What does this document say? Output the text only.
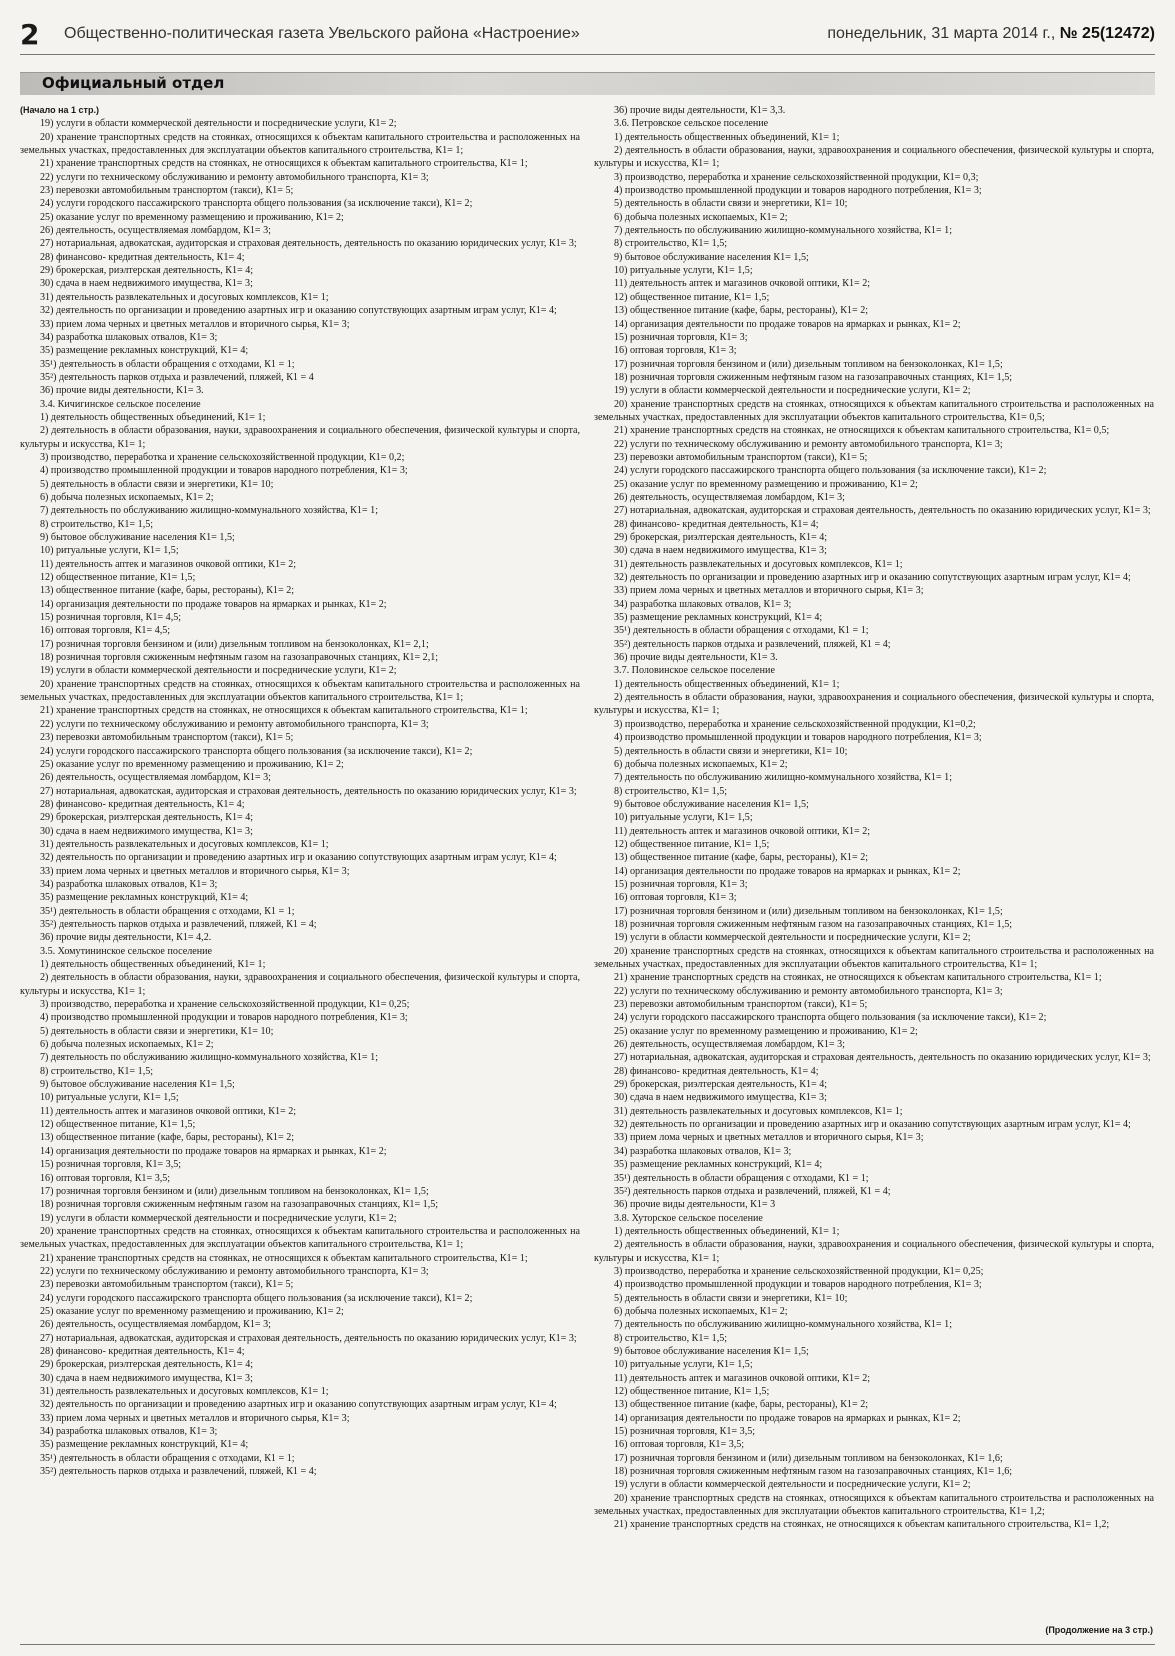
2	Общественно-политическая газета Увельского района «Настроение»	понедельник, 31 марта 2014 г., № 25(12472)
Официальный отдел

(Начало на 1 стр.)

19) услуги в области коммерческой деятельности и посреднические услуги, К1= 2;

20) хранение транспортных средств на стоянках, относящихся к объектам капитального строительства и расположенных на земельных участках, предоставленных для эксплуатации объектов капитального строительства, К1= 1;

21) хранение транспортных средств на стоянках, не относящихся к объектам капитального строительства, К1= 1;

22) услуги по техническому обслуживанию и ремонту автомобильного транспорта, К1= 3;

23) перевозки автомобильным транспортом (такси), К1= 5;

24) услуги городского пассажирского транспорта общего пользования (за исключение такси), К1= 2;

25) оказание услуг по временному размещению и проживанию, К1= 2;

26) деятельность, осуществляемая ломбардом, К1= 3;

27) нотариальная, адвокатская, аудиторская и страховая деятельность, деятельность по оказанию юридических услуг, К1= 3;

28) финансово- кредитная деятельность, К1= 4;

29) брокерская, риэлтерская деятельность, К1= 4;

30) сдача в наем недвижимого имущества, К1= 3;

31) деятельность развлекательных и досуговых комплексов, К1= 1;

32) деятельность по организации и проведению азартных игр и оказанию сопутствующих азартным играм услуг, К1= 4;

33) прием лома черных и цветных металлов и вторичного сырья, К1= 3;

34) разработка шлаковых отвалов, К1= 3;

35) размещение рекламных конструкций, К1= 4;

35¹) деятельность в области обращения с отходами, К1 = 1;

35²) деятельность парков отдыха и развлечений, пляжей, К1 = 4

36) прочие виды деятельности, К1= 3.

3.4. Кичигинское сельское поселение

1) деятельность общественных объединений, К1= 1;

2) деятельность в области образования, науки, здравоохранения и социального обеспечения, физической культуры и спорта, культуры и искусства, К1= 1;

3) производство, переработка и хранение сельскохозяйственной продукции, К1= 0,2;

4) производство промышленной продукции и товаров народного потребления, К1= 3;

5) деятельность в области связи и энергетики, К1= 10;

6) добыча полезных ископаемых, К1= 2;

7) деятельность по обслуживанию жилищно-коммунального хозяйства, К1= 1;

8) строительство, К1= 1,5;

9) бытовое обслуживание населения К1= 1,5;

10) ритуальные услуги, К1= 1,5;

11) деятельность аптек и магазинов очковой оптики, К1= 2;

12) общественное питание, К1= 1,5;

13) общественное питание (кафе, бары, рестораны), К1= 2;

14) организация деятельности по продаже товаров на ярмарках и рынках, К1= 2;

15) розничная торговля, К1= 4,5;

16) оптовая торговля, К1= 4,5;

17) розничная торговля бензином и (или) дизельным топливом на бензоколонках, К1= 2,1;

18) розничная торговля сжиженным нефтяным газом на газозаправочных станциях, К1= 2,1;

19) услуги в области коммерческой деятельности и посреднические услуги, К1= 2;

20) хранение транспортных средств на стоянках, относящихся к объектам капитального строительства и расположенных на земельных участках, предоставленных для эксплуатации объектов капитального строительства, К1= 1;

21) хранение транспортных средств на стоянках, не относящихся к объектам капитального строительства, К1= 1;

22) услуги по техническому обслуживанию и ремонту автомобильного транспорта, К1= 3;

23) перевозки автомобильным транспортом (такси), К1= 5;

24) услуги городского пассажирского транспорта общего пользования (за исключение такси), К1= 2;

25) оказание услуг по временному размещению и проживанию, К1= 2;

26) деятельность, осуществляемая ломбардом, К1= 3;

27) нотариальная, адвокатская, аудиторская и страховая деятельность, деятельность по оказанию юридических услуг, К1= 3;

28) финансово- кредитная деятельность, К1= 4;

29) брокерская, риэлтерская деятельность, К1= 4;

30) сдача в наем недвижимого имущества, К1= 3;

31) деятельность развлекательных и досуговых комплексов, К1= 1;

32) деятельность по организации и проведению азартных игр и оказанию сопутствующих азартным играм услуг, К1= 4;

33) прием лома черных и цветных металлов и вторичного сырья, К1= 3;

34) разработка шлаковых отвалов, К1= 3;

35) размещение рекламных конструкций, К1= 4;

35¹) деятельность в области обращения с отходами, К1 = 1;

35²) деятельность парков отдыха и развлечений, пляжей, К1 = 4;

36) прочие виды деятельности, К1= 4,2.

3.5. Хомутининское сельское поселение

1) деятельность общественных объединений, К1= 1;

2) деятельность в области образования, науки, здравоохранения и социального обеспечения, физической культуры и спорта, культуры и искусства, К1= 1;

3) производство, переработка и хранение сельскохозяйственной продукции, К1= 0,25;

4) производство промышленной продукции и товаров народного потребления, К1= 3;

5) деятельность в области связи и энергетики, К1= 10;

6) добыча полезных ископаемых, К1= 2;

7) деятельность по обслуживанию жилищно-коммунального хозяйства, К1= 1;

8) строительство, К1= 1,5;

9) бытовое обслуживание населения К1= 1,5;

10) ритуальные услуги, К1= 1,5;

11) деятельность аптек и магазинов очковой оптики, К1= 2;

12) общественное питание, К1= 1,5;

13) общественное питание (кафе, бары, рестораны), К1= 2;

14) организация деятельности по продаже товаров на ярмарках и рынках, К1= 2;

15) розничная торговля, К1= 3,5;

16) оптовая торговля, К1= 3,5;

17) розничная торговля бензином и (или) дизельным топливом на бензоколонках, К1= 1,5;

18) розничная торговля сжиженным нефтяным газом на газозаправочных станциях, К1= 1,5;

19) услуги в области коммерческой деятельности и посреднические услуги, К1= 2;

20) хранение транспортных средств на стоянках, относящихся к объектам капитального строительства и расположенных на земельных участках, предоставленных для эксплуатации объектов капитального строительства, К1= 1;

21) хранение транспортных средств на стоянках, не относящихся к объектам капитального строительства, К1= 1;

22) услуги по техническому обслуживанию и ремонту автомобильного транспорта, К1= 3;

23) перевозки автомобильным транспортом (такси), К1= 5;

24) услуги городского пассажирского транспорта общего пользования (за исключение такси), К1= 2;

25) оказание услуг по временному размещению и проживанию, К1= 2;

26) деятельность, осуществляемая ломбардом, К1= 3;

27) нотариальная, адвокатская, аудиторская и страховая деятельность, деятельность по оказанию юридических услуг, К1= 3;

28) финансово- кредитная деятельность, К1= 4;

29) брокерская, риэлтерская деятельность, К1= 4;

30) сдача в наем недвижимого имущества, К1= 3;

31) деятельность развлекательных и досуговых комплексов, К1= 1;

32) деятельность по организации и проведению азартных игр и оказанию сопутствующих азартным играм услуг, К1= 4;

33) прием лома черных и цветных металлов и вторичного сырья, К1= 3;

34) разработка шлаковых отвалов, К1= 3;

35) размещение рекламных конструкций, К1= 4;

35¹) деятельность в области обращения с отходами, К1 = 1;

35²) деятельность парков отдыха и развлечений, пляжей, К1 = 4;

36) прочие виды деятельности, К1= 3,3.

3.6. Петровское сельское поселение

1) деятельность общественных объединений, К1= 1;

2) деятельность в области образования, науки, здравоохранения и социального обеспечения, физической культуры и спорта, культуры и искусства, К1= 1;

3) производство, переработка и хранение сельскохозяйственной продукции, К1= 0,3;

4) производство промышленной продукции и товаров народного потребления, К1= 3;

5) деятельность в области связи и энергетики, К1= 10;

6) добыча полезных ископаемых, К1= 2;

7) деятельность по обслуживанию жилищно-коммунального хозяйства, К1= 1;

8) строительство, К1= 1,5;

9) бытовое обслуживание населения К1= 1,5;

10) ритуальные услуги, К1= 1,5;

11) деятельность аптек и магазинов очковой оптики, К1= 2;

12) общественное питание, К1= 1,5;

13) общественное питание (кафе, бары, рестораны), К1= 2;

14) организация деятельности по продаже товаров на ярмарках и рынках, К1= 2;

15) розничная торговля, К1= 3;

16) оптовая торговля, К1= 3;

17) розничная торговля бензином и (или) дизельным топливом на бензоколонках, К1= 1,5;

18) розничная торговля сжиженным нефтяным газом на газозаправочных станциях, К1= 1,5;

19) услуги в области коммерческой деятельности и посреднические услуги, К1= 2;

20) хранение транспортных средств на стоянках, относящихся к объектам капитального строительства и расположенных на земельных участках, предоставленных для эксплуатации объектов капитального строительства, К1= 0,5;

21) хранение транспортных средств на стоянках, не относящихся к объектам капитального строительства, К1= 0,5;

22) услуги по техническому обслуживанию и ремонту автомобильного транспорта, К1= 3;

23) перевозки автомобильным транспортом (такси), К1= 5;

24) услуги городского пассажирского транспорта общего пользования (за исключение такси), К1= 2;

25) оказание услуг по временному размещению и проживанию, К1= 2;

26) деятельность, осуществляемая ломбардом, К1= 3;

27) нотариальная, адвокатская, аудиторская и страховая деятельность, деятельность по оказанию юридических услуг, К1= 3;

28) финансово- кредитная деятельность, К1= 4;

29) брокерская, риэлтерская деятельность, К1= 4;

30) сдача в наем недвижимого имущества, К1= 3;

31) деятельность развлекательных и досуговых комплексов, К1= 1;

32) деятельность по организации и проведению азартных игр и оказанию сопутствующих азартным играм услуг, К1= 4;

33) прием лома черных и цветных металлов и вторичного сырья, К1= 3;

34) разработка шлаковых отвалов, К1= 3;

35) размещение рекламных конструкций, К1= 4;

35¹) деятельность в области обращения с отходами, К1 = 1;

35²) деятельность парков отдыха и развлечений, пляжей, К1 = 4;

36) прочие виды деятельности, К1= 3.

3.7. Половинское сельское поселение

1) деятельность общественных объединений, К1= 1;

2) деятельность в области образования, науки, здравоохранения и социального обеспечения, физической культуры и спорта, культуры и искусства, К1= 1;

3) производство, переработка и хранение сельскохозяйственной продукции, К1=0,2;

4) производство промышленной продукции и товаров народного потребления, К1= 3;

5) деятельность в области связи и энергетики, К1= 10;

6) добыча полезных ископаемых, К1= 2;

7) деятельность по обслуживанию жилищно-коммунального хозяйства, К1= 1;

8) строительство, К1= 1,5;

9) бытовое обслуживание населения К1= 1,5;

10) ритуальные услуги, К1= 1,5;

11) деятельность аптек и магазинов очковой оптики, К1= 2;

12) общественное питание, К1= 1,5;

13) общественное питание (кафе, бары, рестораны), К1= 2;

14) организация деятельности по продаже товаров на ярмарках и рынках, К1= 2;

15) розничная торговля, К1= 3;

16) оптовая торговля, К1= 3;

17) розничная торговля бензином и (или) дизельным топливом на бензоколонках, К1= 1,5;

18) розничная торговля сжиженным нефтяным газом на газозаправочных станциях, К1= 1,5;

19) услуги в области коммерческой деятельности и посреднические услуги, К1= 2;

20) хранение транспортных средств на стоянках, относящихся к объектам капитального строительства и расположенных на земельных участках, предоставленных для эксплуатации объектов капитального строительства, К1= 1;

21) хранение транспортных средств на стоянках, не относящихся к объектам капитального строительства, К1= 1;

22) услуги по техническому обслуживанию и ремонту автомобильного транспорта, К1= 3;

23) перевозки автомобильным транспортом (такси), К1= 5;

24) услуги городского пассажирского транспорта общего пользования (за исключение такси), К1= 2;

25) оказание услуг по временному размещению и проживанию, К1= 2;

26) деятельность, осуществляемая ломбардом, К1= 3;

27) нотариальная, адвокатская, аудиторская и страховая деятельность, деятельность по оказанию юридических услуг, К1= 3;

28) финансово- кредитная деятельность, К1= 4;

29) брокерская, риэлтерская деятельность, К1= 4;

30) сдача в наем недвижимого имущества, К1= 3;

31) деятельность развлекательных и досуговых комплексов, К1= 1;

32) деятельность по организации и проведению азартных игр и оказанию сопутствующих азартным играм услуг, К1= 4;

33) прием лома черных и цветных металлов и вторичного сырья, К1= 3;

34) разработка шлаковых отвалов, К1= 3;

35) размещение рекламных конструкций, К1= 4;

35¹) деятельность в области обращения с отходами, К1 = 1;

35²) деятельность парков отдыха и развлечений, пляжей, К1 = 4;

36) прочие виды деятельности, К1= 3

3.8. Хуторское сельское поселение

1) деятельность общественных объединений, К1= 1;

2) деятельность в области образования, науки, здравоохранения и социального обеспечения, физической культуры и спорта, культуры и искусства, К1= 1;

3) производство, переработка и хранение сельскохозяйственной продукции, К1= 0,25;

4) производство промышленной продукции и товаров народного потребления, К1= 3;

5) деятельность в области связи и энергетики, К1= 10;

6) добыча полезных ископаемых, К1= 2;

7) деятельность по обслуживанию жилищно-коммунального хозяйства, К1= 1;

8) строительство, К1= 1,5;

9) бытовое обслуживание населения К1= 1,5;

10) ритуальные услуги, К1= 1,5;

11) деятельность аптек и магазинов очковой оптики, К1= 2;

12) общественное питание, К1= 1,5;

13) общественное питание (кафе, бары, рестораны), К1= 2;

14) организация деятельности по продаже товаров на ярмарках и рынках, К1= 2;

15) розничная торговля, К1= 3,5;

16) оптовая торговля, К1= 3,5;

17) розничная торговля бензином и (или) дизельным топливом на бензоколонках, К1= 1,6;

18) розничная торговля сжиженным нефтяным газом на газозаправочных станциях, К1= 1,6;

19) услуги в области коммерческой деятельности и посреднические услуги, К1= 2;

20) хранение транспортных средств на стоянках, относящихся к объектам капитального строительства и расположенных на земельных участках, предоставленных для эксплуатации объектов капитального строительства, К1= 1,2;

21) хранение транспортных средств на стоянках, не относящихся к объектам капитального строительства, К1= 1,2;

(Продолжение на 3 стр.)
